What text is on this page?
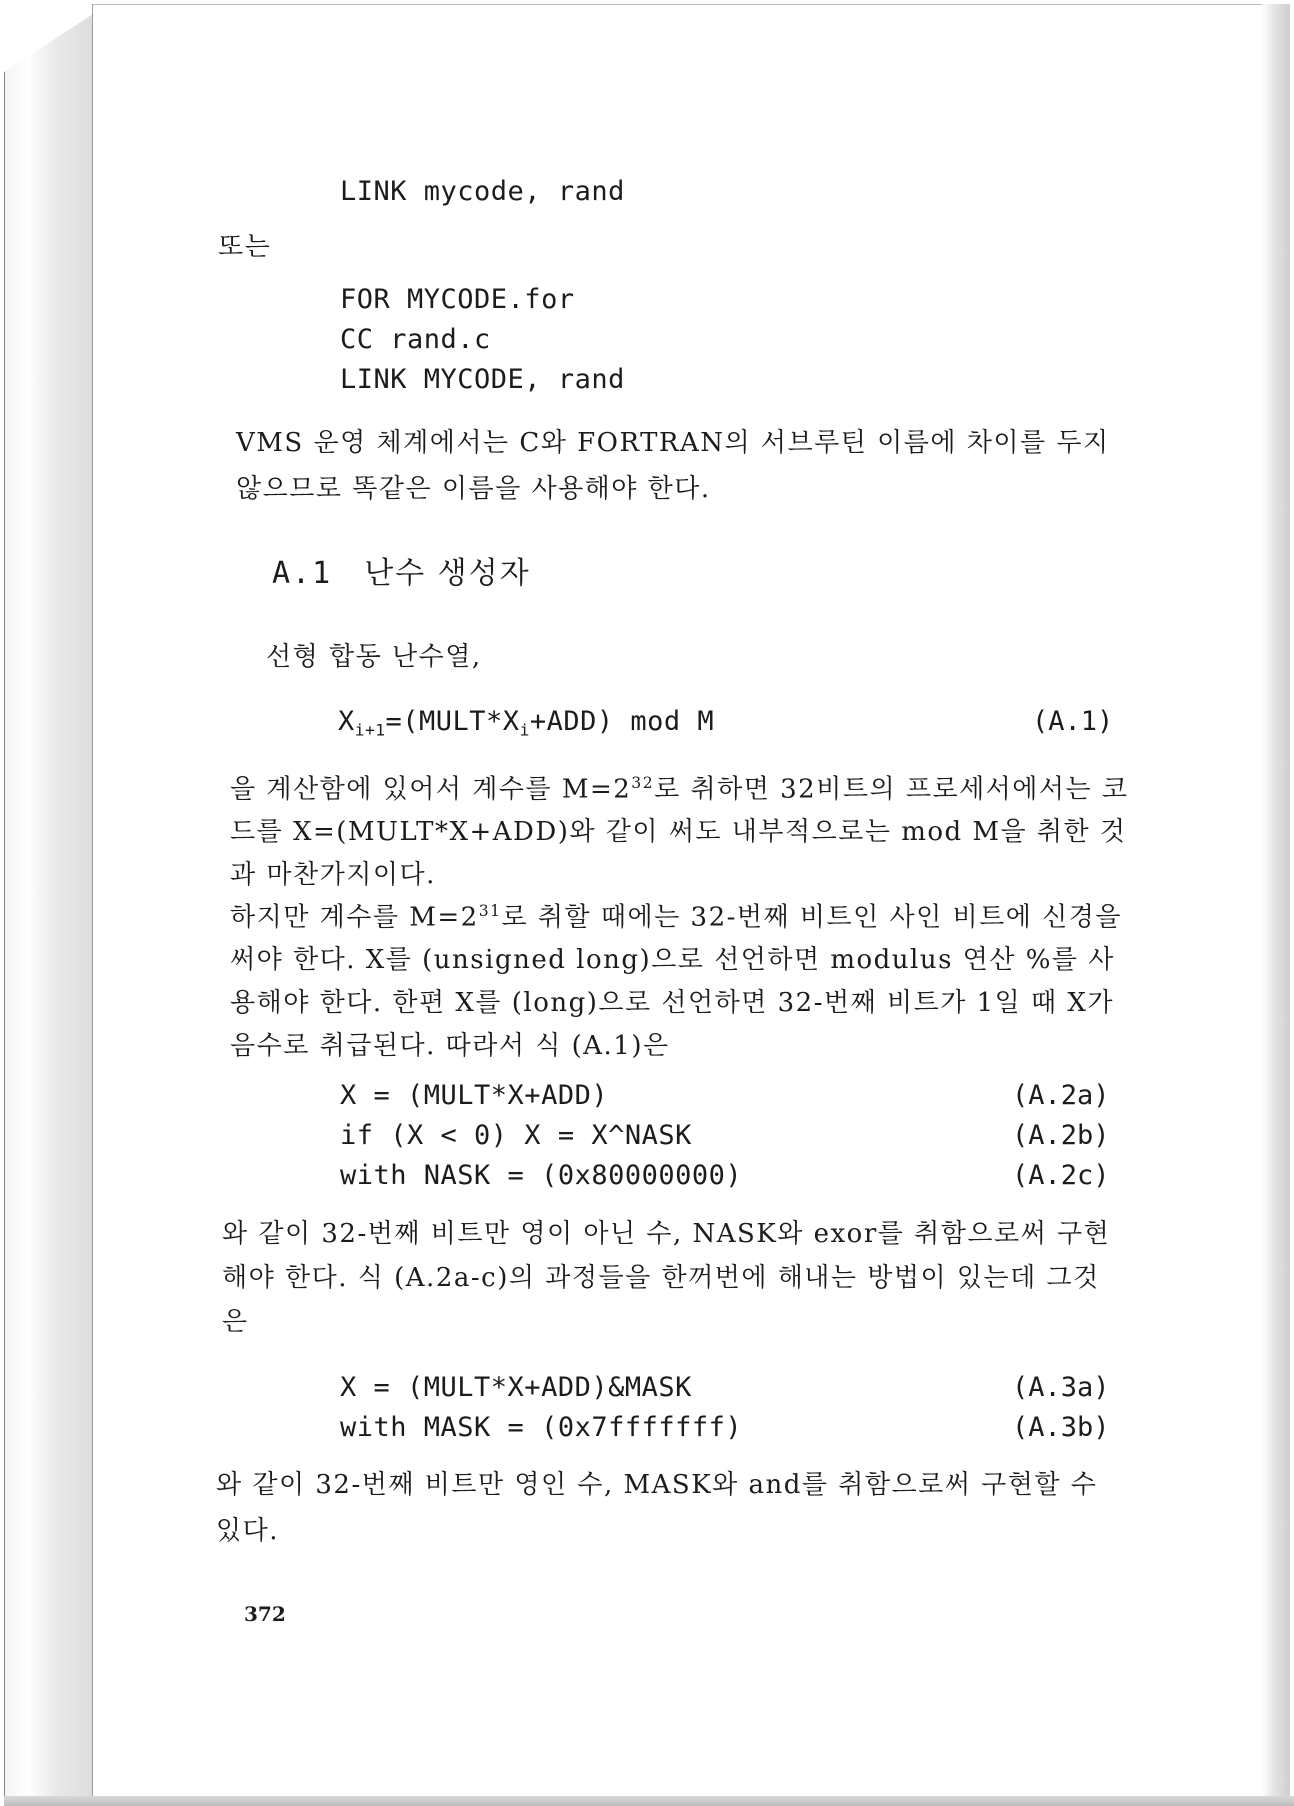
LINK mycode, rand
또는
FOR MYCODE.for
CC rand.c
LINK MYCODE, rand
VMS 운영 체계에서는 C와 FORTRAN의 서브루틴 이름에 차이를 두지 않으므로 똑같은 이름을 사용해야 한다.
A.1 난수 생성자
선형 합동 난수열,
$X_{i+1}=(MULT*X_i+ADD)$ mod M	(A.1)
을 계산함에 있어서 계수를 $M=2^{32}$로 취하면 32비트의 프로세서에서는 코드를 X=(MULT*X+ADD)와 같이 써도 내부적으로는 mod M을 취한 것과 마찬가지이다.
하지만 계수를 $M=2^{31}$로 취할 때에는 32-번째 비트인 사인 비트에 신경을 써야 한다. X를 (unsigned long)으로 선언하면 modulus 연산 %를 사용해야 한다. 한편 X를 (long)으로 선언하면 32-번째 비트가 1일 때 X가 음수로 취급된다. 따라서 식 (A.1)은
X = (MULT*X+ADD)
if (X < 0) X = X^NASK
with NASK = (0x80000000)
(A.2a)
(A.2b)
(A.2c)
와 같이 32-번째 비트만 영이 아닌 수, NASK와 exor를 취함으로써 구현해야 한다. 식 (A.2a-c)의 과정들을 한꺼번에 해내는 방법이 있는데 그것은
X = (MULT*X+ADD)&MASK
with MASK = (0x7fffffff)
(A.3a)
(A.3b)
와 같이 32-번째 비트만 영인 수, MASK와 and를 취함으로써 구현할 수 있다.
372
